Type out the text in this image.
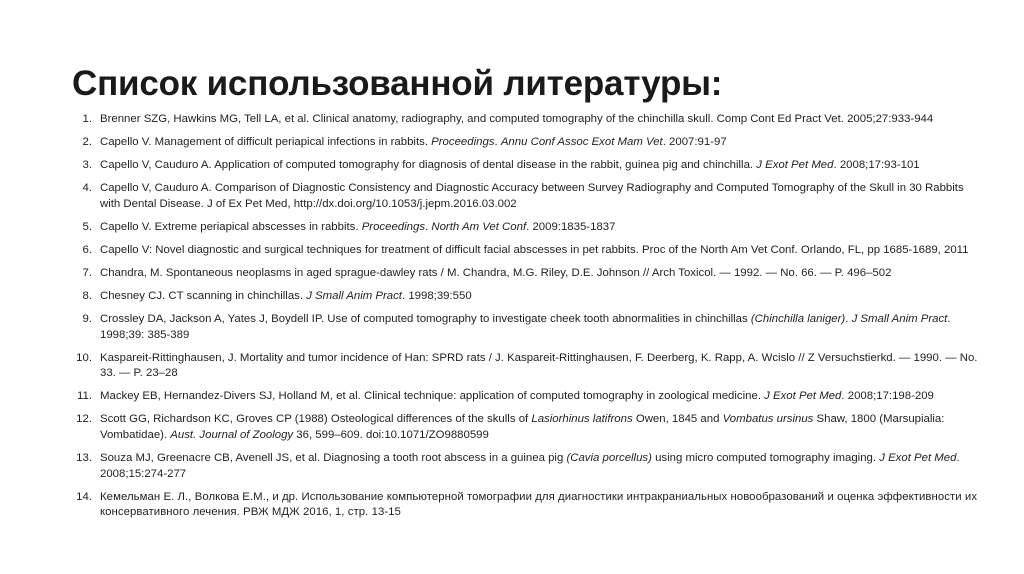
Список использованной литературы:
1. Brenner SZG, Hawkins MG, Tell LA, et al. Clinical anatomy, radiography, and computed tomography of the chinchilla skull. Comp Cont Ed Pract Vet. 2005;27:933-944
2. Capello V. Management of difficult periapical infections in rabbits. Proceedings. Annu Conf Assoc Exot Mam Vet. 2007:91-97
3. Capello V, Cauduro A. Application of computed tomography for diagnosis of dental disease in the rabbit, guinea pig and chinchilla. J Exot Pet Med. 2008;17:93-101
4. Capello V, Cauduro A. Comparison of Diagnostic Consistency and Diagnostic Accuracy between Survey Radiography and Computed Tomography of the Skull in 30 Rabbits with Dental Disease. J of Ex Pet Med, http://dx.doi.org/10.1053/j.jepm.2016.03.002
5. Capello V. Extreme periapical abscesses in rabbits. Proceedings. North Am Vet Conf. 2009:1835-1837
6. Capello V: Novel diagnostic and surgical techniques for treatment of difficult facial abscesses in pet rabbits. Proc of the North Am Vet Conf. Orlando, FL, pp 1685-1689, 2011
7. Chandra, M. Spontaneous neoplasms in aged sprague-dawley rats / M. Chandra, M.G. Riley, D.E. Johnson // Arch Toxicol. — 1992. — No. 66. — P. 496–502
8. Chesney CJ. CT scanning in chinchillas. J Small Anim Pract. 1998;39:550
9. Crossley DA, Jackson A, Yates J, Boydell IP. Use of computed tomography to investigate cheek tooth abnormalities in chinchillas (Chinchilla laniger). J Small Anim Pract. 1998;39: 385-389
10. Kaspareit-Rittinghausen, J. Mortality and tumor incidence of Han: SPRD rats / J. Kaspareit-Rittinghausen, F. Deerberg, K. Rapp, A. Wcislo // Z Versuchstierkd. — 1990. — No. 33. — P. 23–28
11. Mackey EB, Hernandez-Divers SJ, Holland M, et al. Clinical technique: application of computed tomography in zoological medicine. J Exot Pet Med. 2008;17:198-209
12. Scott GG, Richardson KC, Groves CP (1988) Osteological differences of the skulls of Lasiorhinus latifrons Owen, 1845 and Vombatus ursinus Shaw, 1800 (Marsupialia: Vombatidae). Aust. Journal of Zoology 36, 599–609. doi:10.1071/ZO9880599
13. Souza MJ, Greenacre CB, Avenell JS, et al. Diagnosing a tooth root abscess in a guinea pig (Cavia porcellus) using micro computed tomography imaging. J Exot Pet Med. 2008;15:274-277
14. Кемельман Е. Л., Волкова Е.М., и др. Использование компьютерной томографии для диагностики интракраниальных новообразований и оценка эффективности их консервативного лечения. РВЖ МДЖ 2016, 1, стр. 13-15
